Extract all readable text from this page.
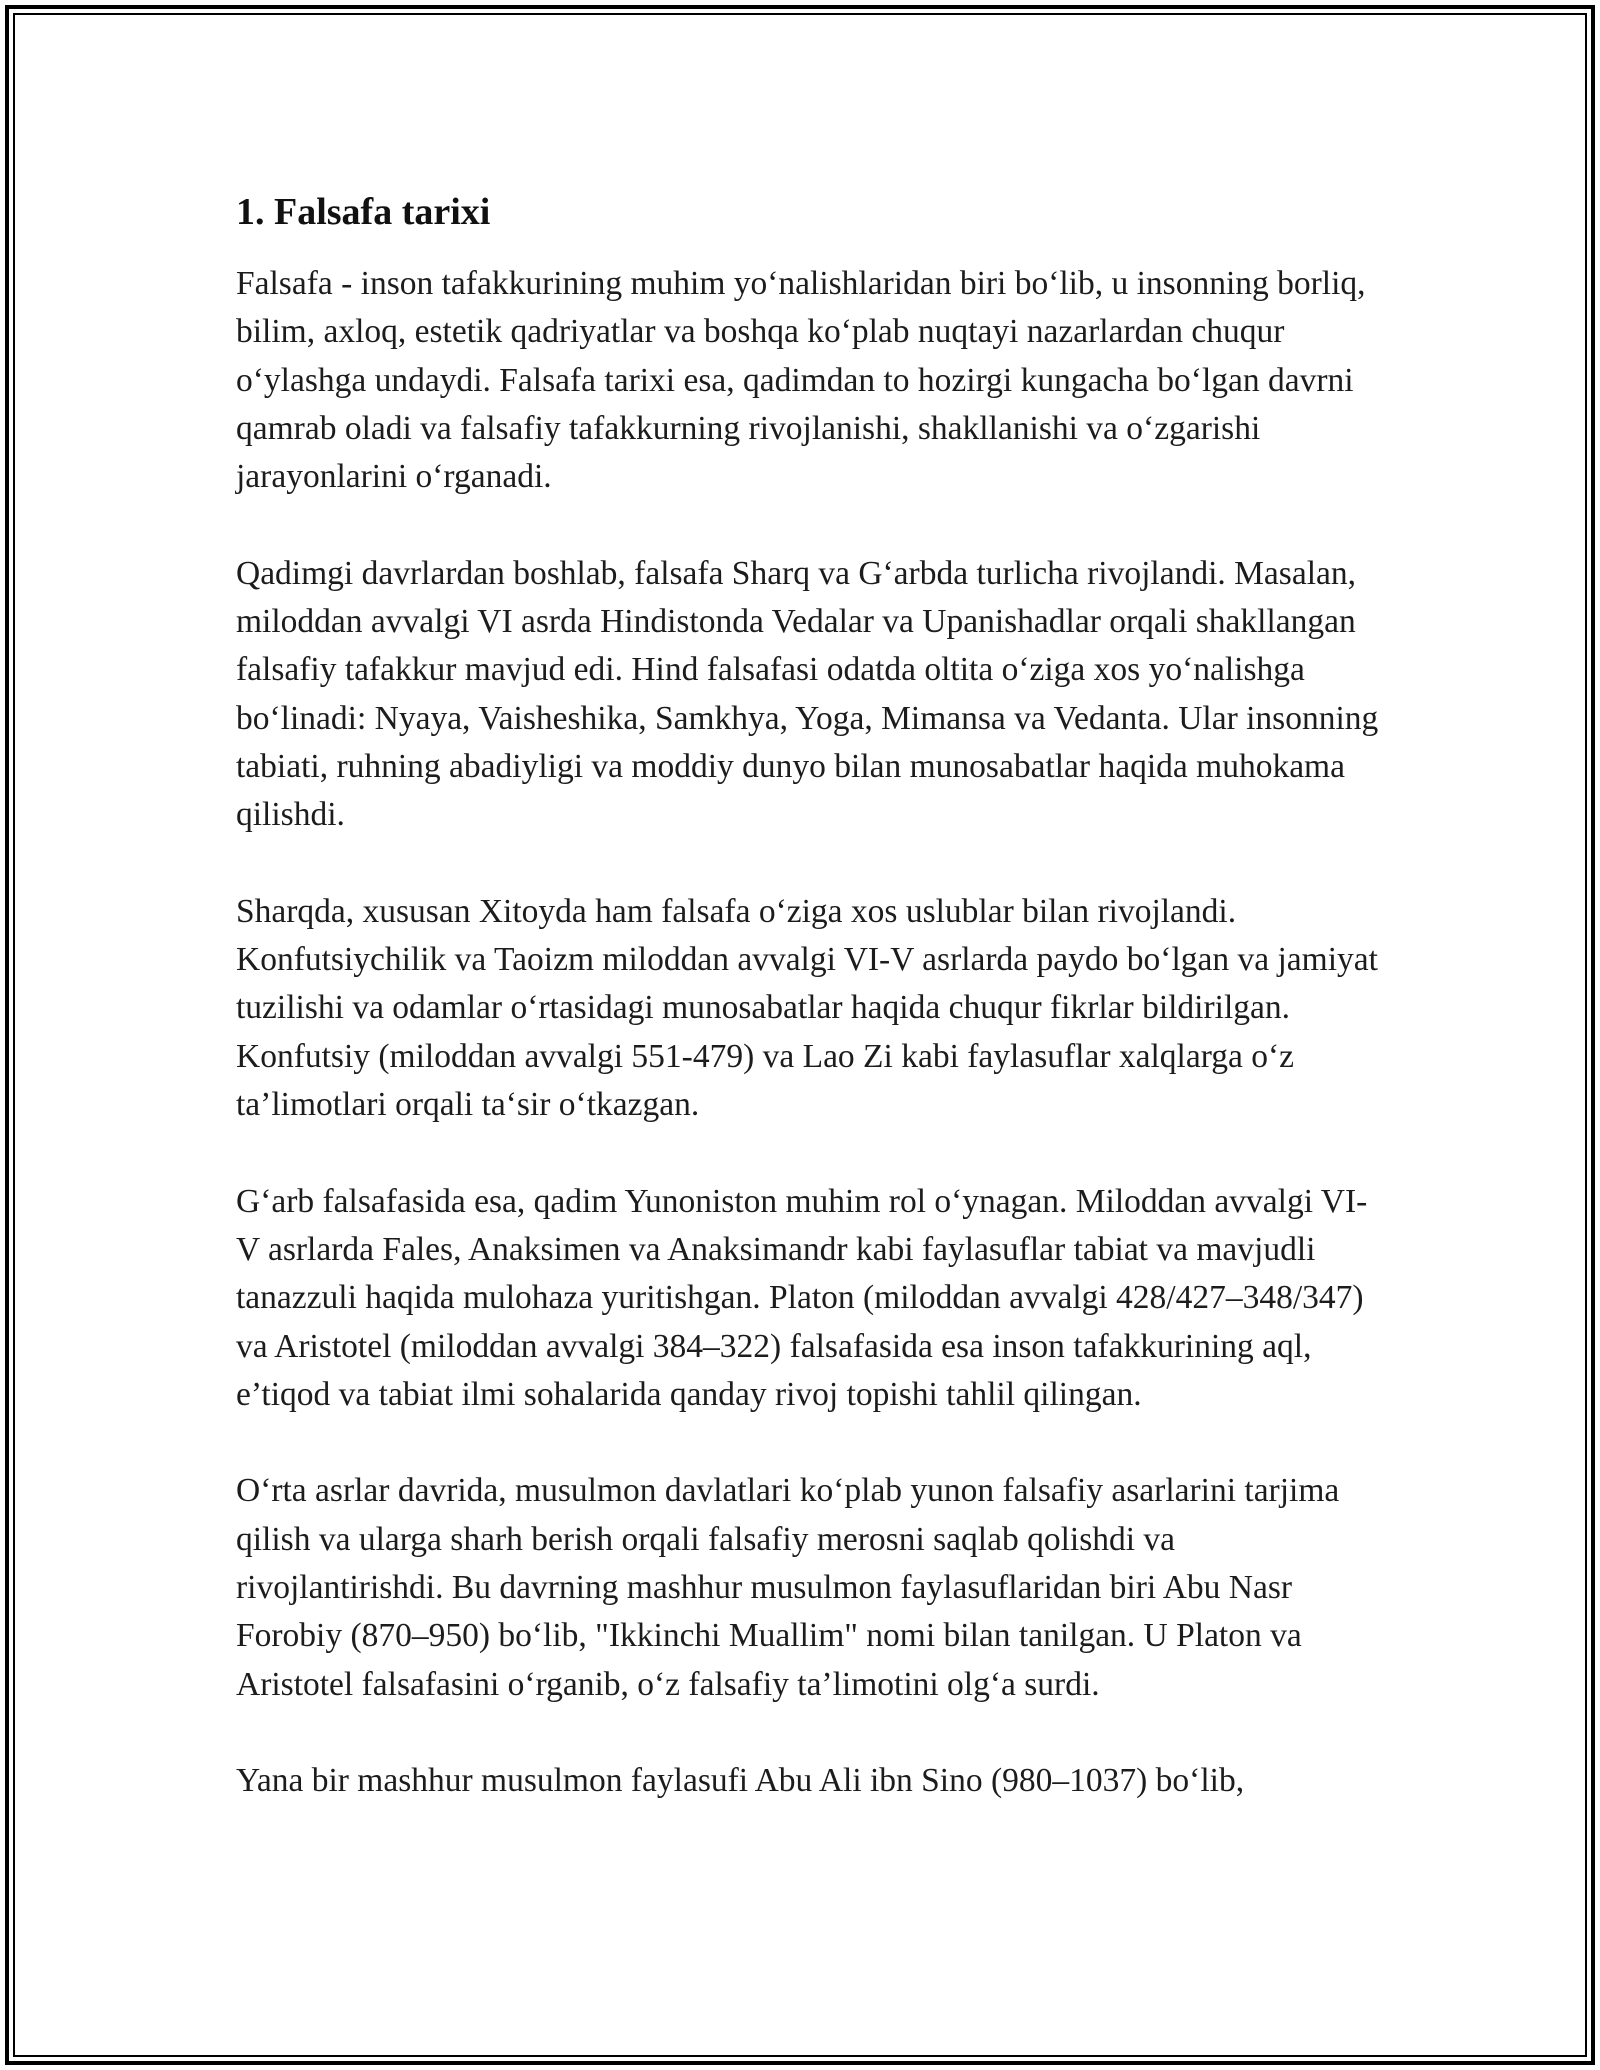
1. Falsafa tarixi

Falsafa - inson tafakkurining muhim yo‘nalishlaridan biri bo‘lib, u insonning borliq, bilim, axloq, estetik qadriyatlar va boshqa ko‘plab nuqtayi nazarlardan chuqur o‘ylashga undaydi. Falsafa tarixi esa, qadimdan to hozirgi kungacha bo‘lgan davrni qamrab oladi va falsafiy tafakkurning rivojlanishi, shakllanishi va o‘zgarishi jarayonlarini o‘rganadi.

Qadimgi davrlardan boshlab, falsafa Sharq va G‘arbda turlicha rivojlandi. Masalan, miloddan avvalgi VI asrda Hindistonda Vedalar va Upanishadlar orqali shakllangan falsafiy tafakkur mavjud edi. Hind falsafasi odatda oltita o‘ziga xos yo‘nalishga bo‘linadi: Nyaya, Vaisheshika, Samkhya, Yoga, Mimansa va Vedanta. Ular insonning tabiati, ruhning abadiyligi va moddiy dunyo bilan munosabatlar haqida muhokama qilishdi.

Sharqda, xususan Xitoyda ham falsafa o‘ziga xos uslublar bilan rivojlandi. Konfutsiychilik va Taoizm miloddan avvalgi VI-V asrlarda paydo bo‘lgan va jamiyat tuzilishi va odamlar o‘rtasidagi munosabatlar haqida chuqur fikrlar bildirilgan. Konfutsiy (miloddan avvalgi 551-479) va Lao Zi kabi faylasuflar xalqlarga o‘z ta’limotlari orqali ta‘sir o‘tkazgan.

G‘arb falsafasida esa, qadim Yunoniston muhim rol o‘ynagan. Miloddan avvalgi VI-V asrlarda Fales, Anaksimen va Anaksimandr kabi faylasuflar tabiat va mavjudli tanazzuli haqida mulohaza yuritishgan. Platon (miloddan avvalgi 428/427–348/347) va Aristotel (miloddan avvalgi 384–322) falsafasida esa inson tafakkurining aql, e’tiqod va tabiat ilmi sohalarida qanday rivoj topishi tahlil qilingan.

O‘rta asrlar davrida, musulmon davlatlari ko‘plab yunon falsafiy asarlarini tarjima qilish va ularga sharh berish orqali falsafiy merosni saqlab qolishdi va rivojlantirishdi. Bu davrning mashhur musulmon faylasuflaridan biri Abu Nasr Forobiy (870–950) bo‘lib, "Ikkinchi Muallim" nomi bilan tanilgan. U Platon va Aristotel falsafasini o‘rganib, o‘z falsafiy ta’limotini olg‘a surdi.

Yana bir mashhur musulmon faylasufi Abu Ali ibn Sino (980–1037) bo‘lib,
